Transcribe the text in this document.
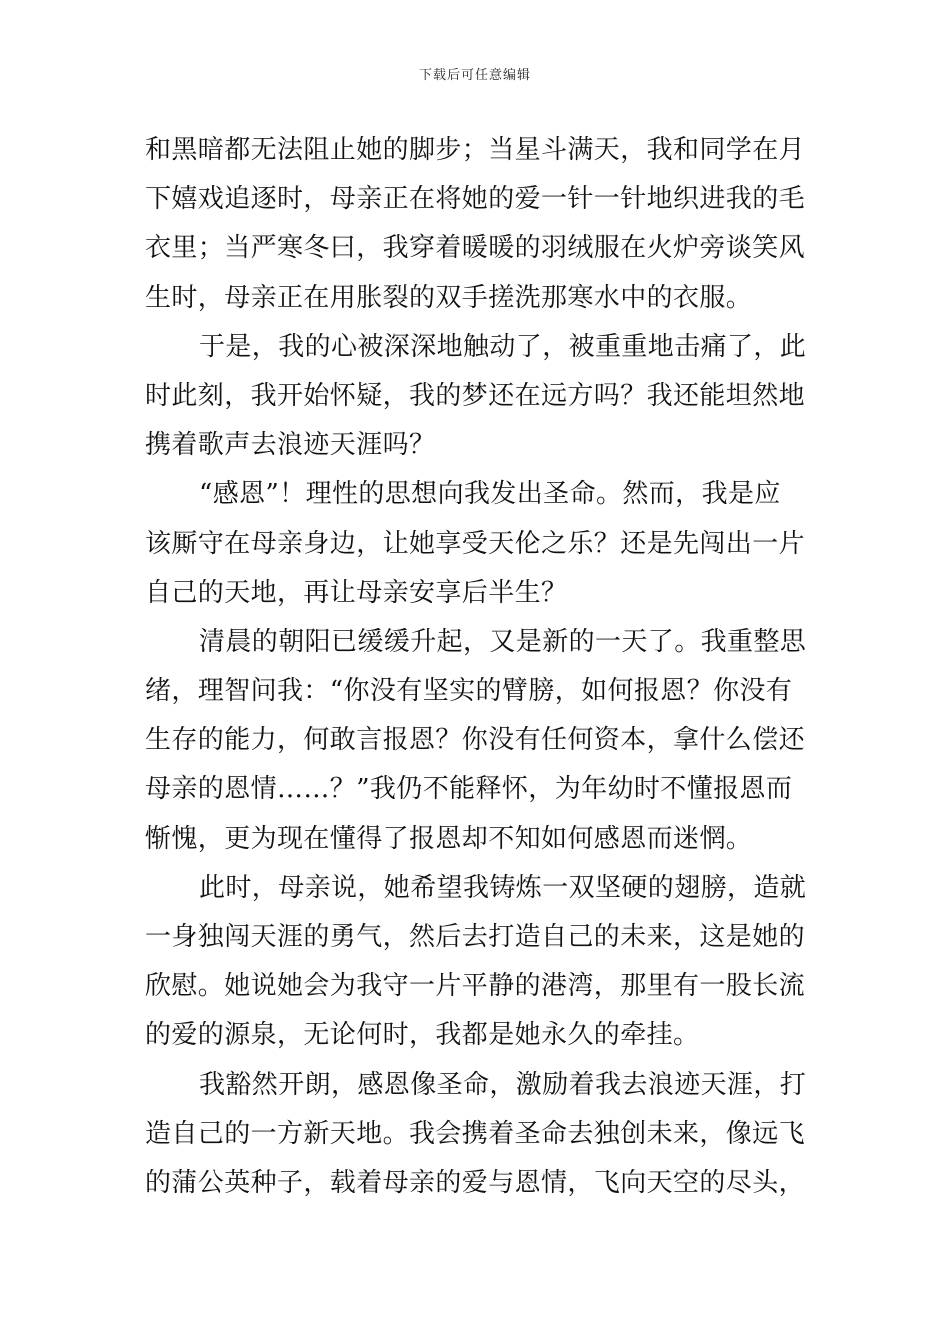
下载后可任意编辑
和黑暗都无法阻止她的脚步；当星斗满天，我和同学在月
下嬉戏追逐时，母亲正在将她的爱一针一针地织进我的毛
衣里；当严寒冬曰，我穿着暖暖的羽绒服在火炉旁谈笑风
生时，母亲正在用胀裂的双手搓洗那寒水中的衣服。
于是，我的心被深深地触动了，被重重地击痛了，此
时此刻，我开始怀疑，我的梦还在远方吗？我还能坦然地
携着歌声去浪迹天涯吗？
“感恩”！理性的思想向我发出圣命。然而，我是应
该厮守在母亲身边，让她享受天伦之乐？还是先闯出一片
自己的天地，再让母亲安享后半生？
清晨的朝阳已缓缓升起，又是新的一天了。我重整思
绪，理智问我：“你没有坚实的臂膀，如何报恩？你没有
生存的能力，何敢言报恩？你没有任何资本，拿什么偿还
母亲的恩情……？”我仍不能释怀，为年幼时不懂报恩而
惭愧，更为现在懂得了报恩却不知如何感恩而迷惘。
此时，母亲说，她希望我铸炼一双坚硬的翅膀，造就
一身独闯天涯的勇气，然后去打造自己的未来，这是她的
欣慰。她说她会为我守一片平静的港湾，那里有一股长流
的爱的源泉，无论何时，我都是她永久的牵挂。
我豁然开朗，感恩像圣命，激励着我去浪迹天涯，打
造自己的一方新天地。我会携着圣命去独创未来，像远飞
的蒲公英种子，载着母亲的爱与恩情，飞向天空的尽头，
